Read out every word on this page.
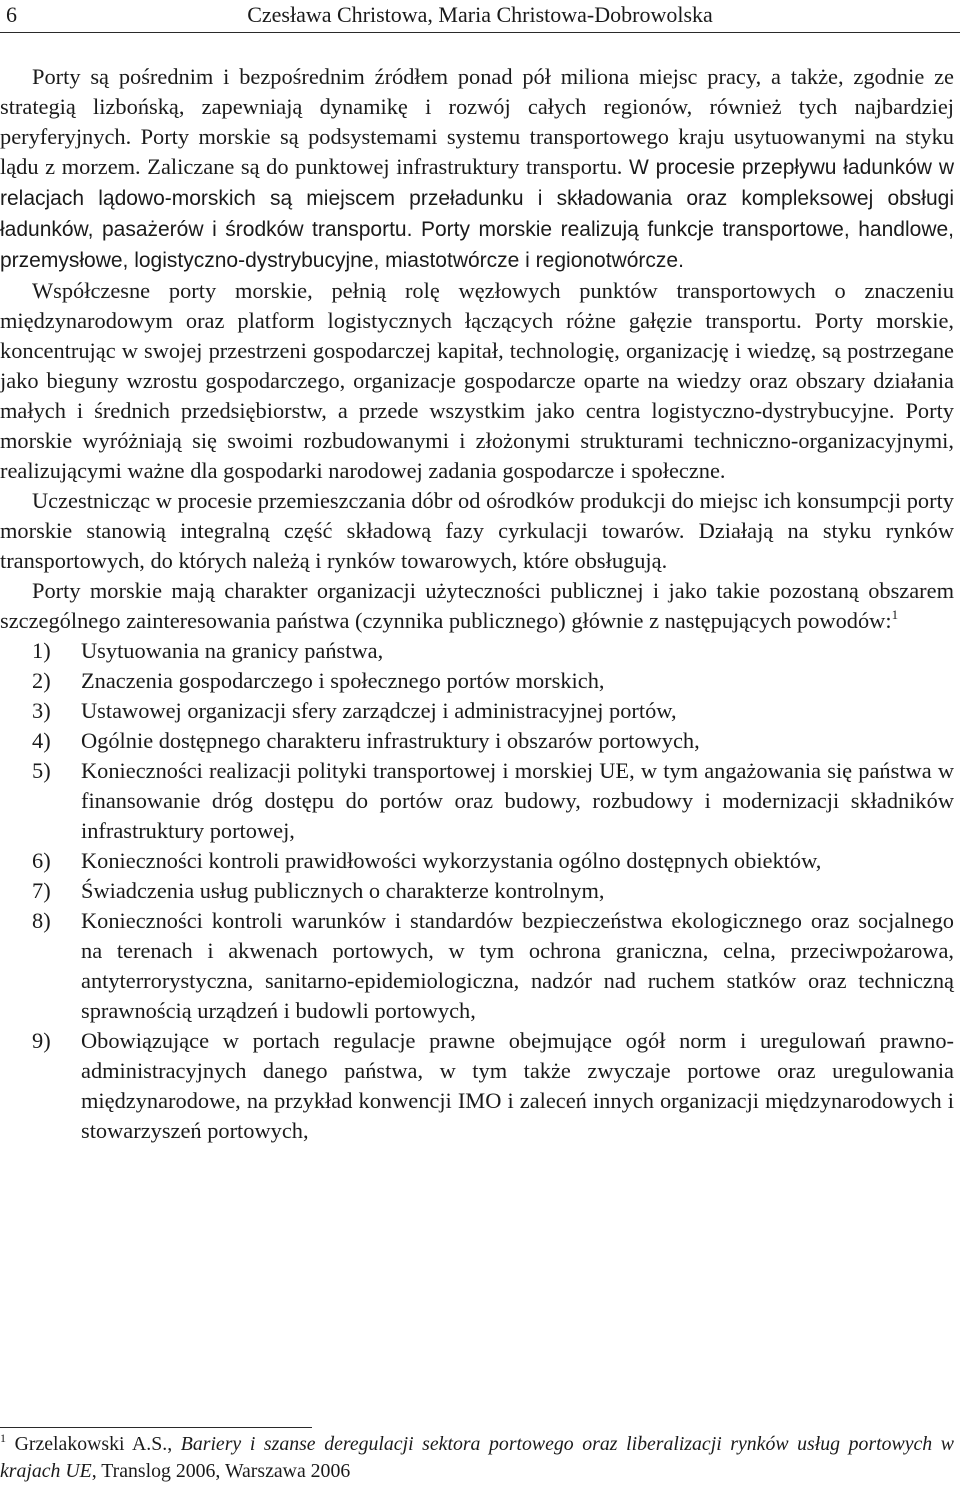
6	Czesława Christowa, Maria Christowa-Dobrowolska

Porty są pośrednim i bezpośrednim źródłem ponad pół miliona miejsc pracy, a także, zgodnie ze strategią lizbońską, zapewniają dynamikę i rozwój całych regionów, również tych najbardziej peryferyjnych. Porty morskie są podsystemami systemu transportowego kraju usytuowanymi na styku lądu z morzem. Zaliczane są do punktowej infrastruktury transportu. W procesie przepływu ładunków w relacjach lądowo-morskich są miejscem przeładunku i składowania oraz kompleksowej obsługi ładunków, pasażerów i środków transportu. Porty morskie realizują funkcje transportowe, handlowe, przemysłowe, logistyczno-dystrybucyjne, miastotwórcze i regionotwórcze.

Współczesne porty morskie, pełnią rolę węzłowych punktów transportowych o znaczeniu międzynarodowym oraz platform logistycznych łączących różne gałęzie transportu. Porty morskie, koncentrując w swojej przestrzeni gospodarczej kapitał, technologię, organizację i wiedzę, są postrzegane jako bieguny wzrostu gospodarczego, organizacje gospodarcze oparte na wiedzy oraz obszary działania małych i średnich przedsiębiorstw, a przede wszystkim jako centra logistyczno-dystrybucyjne. Porty morskie wyróżniają się swoimi rozbudowanymi i złożonymi strukturami techniczno-organizacyjnymi, realizującymi ważne dla gospodarki narodowej zadania gospodarcze i społeczne.

Uczestnicząc w procesie przemieszczania dóbr od ośrodków produkcji do miejsc ich konsumpcji porty morskie stanowią integralną część składową fazy cyrkulacji towarów. Działają na styku rynków transportowych, do których należą i rynków towarowych, które obsługują.

Porty morskie mają charakter organizacji użyteczności publicznej i jako takie pozostaną obszarem szczególnego zainteresowania państwa (czynnika publicznego) głównie z następujących powodów:$^1$

1) Usytuowania na granicy państwa,
2) Znaczenia gospodarczego i społecznego portów morskich,
3) Ustawowej organizacji sfery zarządczej i administracyjnej portów,
4) Ogólnie dostępnego charakteru infrastruktury i obszarów portowych,
5) Konieczności realizacji polityki transportowej i morskiej UE, w tym angażowania się państwa w finansowanie dróg dostępu do portów oraz budowy, rozbudowy i modernizacji składników infrastruktury portowej,
6) Konieczności kontroli prawidłowości wykorzystania ogólno dostępnych obiektów,
7) Świadczenia usług publicznych o charakterze kontrolnym,
8) Konieczności kontroli warunków i standardów bezpieczeństwa ekologicznego oraz socjalnego na terenach i akwenach portowych, w tym ochrona graniczna, celna, przeciwpożarowa, antyterrorystyczna, sanitarno-epidemiologiczna, nadzór nad ruchem statków oraz techniczną sprawnością urządzeń i budowli portowych,
9) Obowiązujące w portach regulacje prawne obejmujące ogół norm i uregulowań prawno-administracyjnych danego państwa, w tym także zwyczaje portowe oraz uregulowania międzynarodowe, na przykład konwencji IMO i zaleceń innych organizacji międzynarodowych i stowarzyszeń portowych,
$^1$ Grzelakowski A.S., Bariery i szanse deregulacji sektora portowego oraz liberalizacji rynków usług portowych w krajach UE, Translog 2006, Warszawa 2006
